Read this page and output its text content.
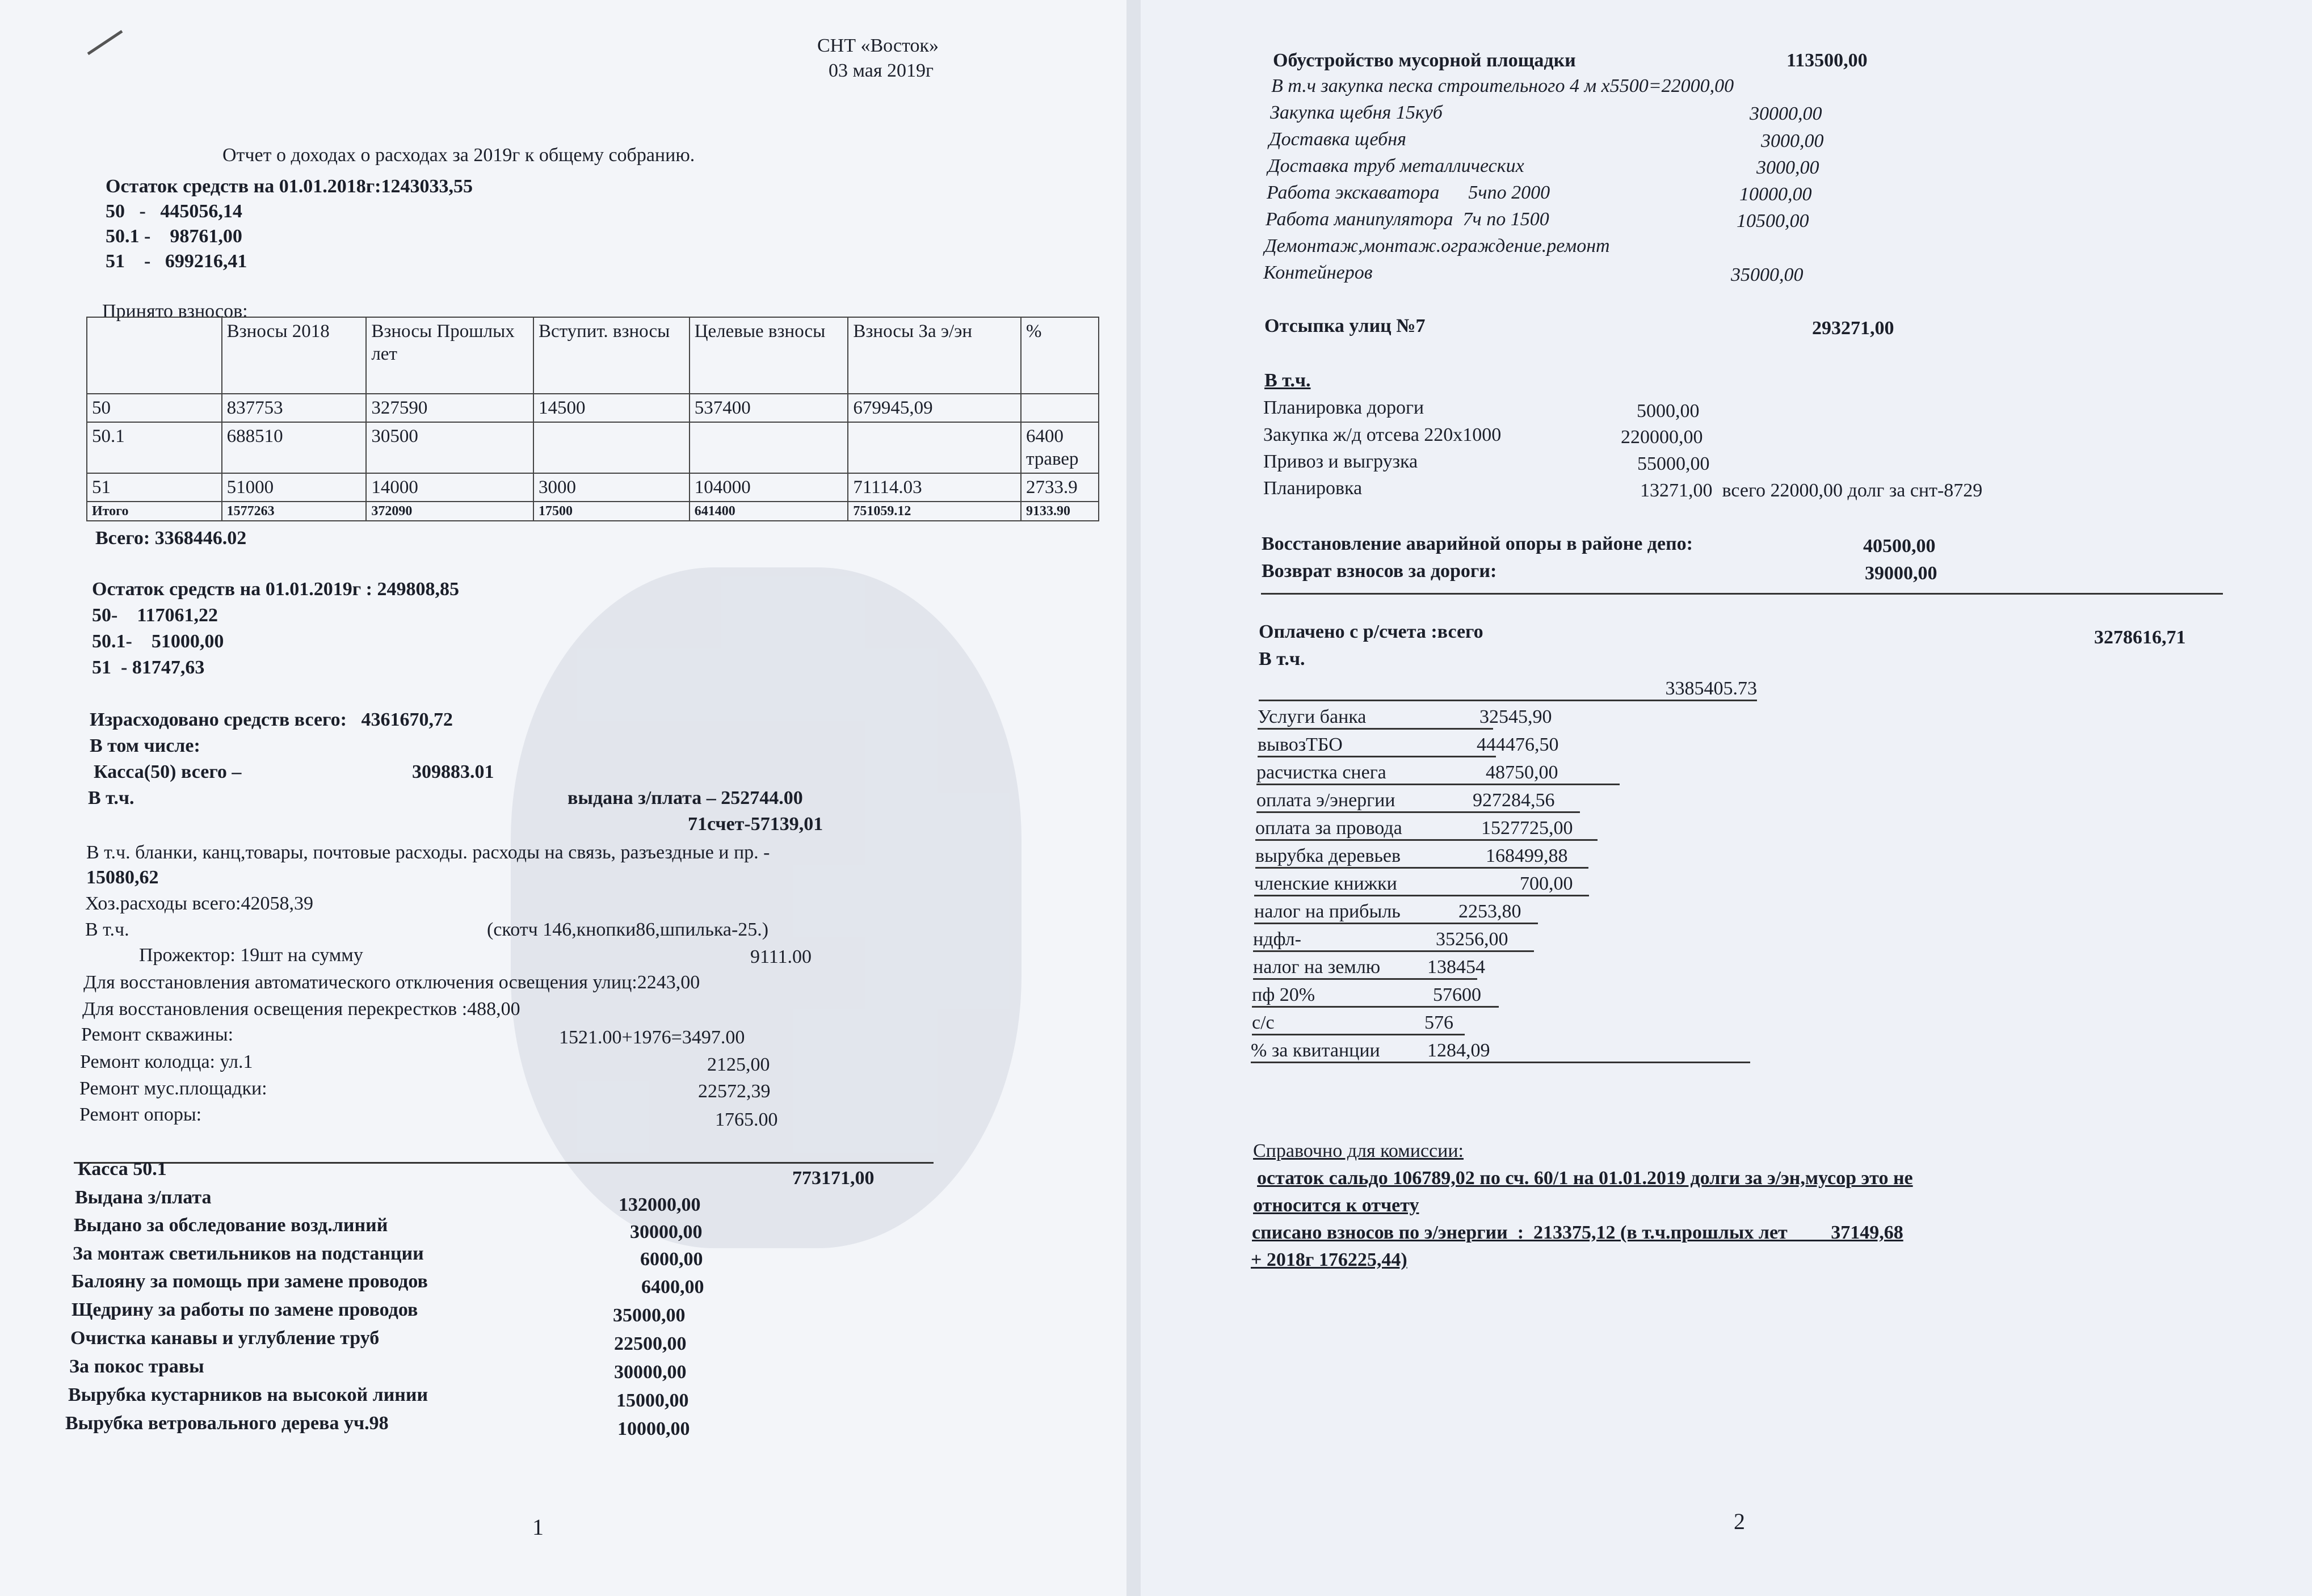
СНТ «Восток»
03 мая 2019г
Отчет о доходах о расходах за 2019г к общему собранию.
Остаток средств на 01.01.2018г:1243033,55
50   -   445056,14
50.1 -    98761,00
51    -   699216,41
Принято взносов:
	Взносы 2018	Взносы Прошлых лет	Вступит. взносы	Целевые взносы	Взносы За э/эн	%
50	837753	327590	14500	537400	679945,09	
50.1	688510	30500				6400 травер
51	51000	14000	3000	104000	71114.03	2733.9
Итого	1577263	372090	17500	641400	751059.12	9133.90
Всего: 3368446.02
Остаток средств на 01.01.2019г : 249808,85
50-    117061,22
50.1-    51000,00
51  - 81747,63
Израсходовано средств всего:   4361670,72
В том числе:
Касса(50) всего –	309883.01
В т.ч.	выдана з/плата – 252744.00
71счет-57139,01
В т.ч. бланки, канц,товары, почтовые расходы. расходы на связь, разъездные и пр. -
15080,62
Хоз.расходы всего:42058,39
В т.ч.	(скотч 146,кнопки86,шпилька-25.)
Прожектор: 19шт на сумму	9111.00
Для восстановления автоматического отключения освещения улиц:2243,00
Для восстановления освещения перекрестков :488,00
Ремонт скважины:	1521.00+1976=3497.00
Ремонт колодца: ул.1	2125,00
Ремонт мус.площадки:	22572,39
Ремонт опоры:	1765.00
Касса 50.1	773171,00
Выдана з/плата	132000,00
Выдано за обследование возд.линий	30000,00
За монтаж светильников на подстанции	6000,00
Балояну за помощь при замене проводов	6400,00
Щедрину за работы по замене проводов	35000,00
Очистка канавы и углубление труб	22500,00
За покос травы	30000,00
Вырубка кустарников на высокой линии	15000,00
Вырубка ветровального дерева уч.98	10000,00
1
Обустройство мусорной площадки	113500,00
В т.ч закупка песка строительного 4 м х5500=22000,00
Закупка щебня 15куб	30000,00
Доставка щебня	3000,00
Доставка труб металлических	3000,00
Работа экскаватора      5чпо 2000	10000,00
Работа манипулятора  7ч по 1500	10500,00
Демонтаж,монтаж.ограждение.ремонт
Контейнеров	35000,00
Отсыпка улиц №7	293271,00
В т.ч.
Планировка дороги	5000,00
Закупка ж/д отсева 220х1000	220000,00
Привоз и выгрузка	55000,00
Планировка	13271,00  всего 22000,00 долг за снт-8729
Восстановление аварийной опоры в районе депо:	40500,00
Возврат взносов за дороги:	39000,00
Оплачено с р/счета :всего	3278616,71
В т.ч.
3385405.73
Услуги банка	32545,90
вывозТБО	444476,50
расчистка снега	48750,00
оплата э/энергии	927284,56
оплата за провода	1527725,00
вырубка деревьев	168499,88
членские книжки	700,00
налог на прибыль	2253,80
ндфл-	35256,00
налог на землю	138454
пф 20%	57600
с/с	576
% за квитанции	1284,09
Справочно для комиссии:
остаток сальдо 106789,02 по сч. 60/1 на 01.01.2019 долги за э/эн,мусор это не
относится к отчету
списано взносов по э/энергии  :  213375,12 (в т.ч.прошлых лет         37149,68
+ 2018г 176225,44)
2
